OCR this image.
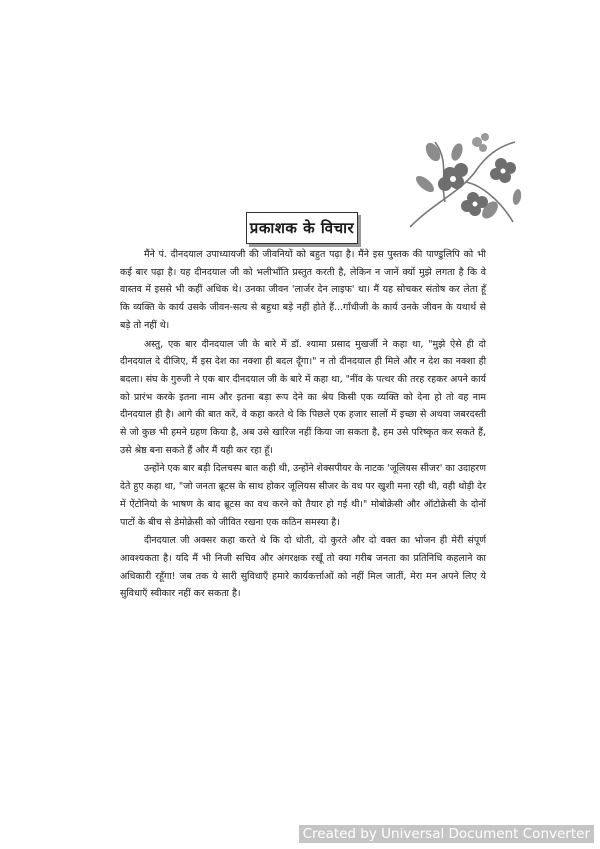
प्रकाशक के विचार

मैंने पं. दीनदयाल उपाध्यायजी की जीवनियों को बहुत पढ़ा है। मैंने इस पुस्तक की पाण्डुलिपि को भी कई बार पढ़ा है। यह दीनदयाल जी को भलीभाँति प्रस्तुत करती है, लेकिन न जानें क्यों मुझे लगता है कि वे वास्तव में इससे भी कहीं अधिक थे। उनका जीवन 'लार्जर देन लाइफ' था। मैं यह सोचकर संतोष कर लेता हूँ कि व्यक्ति के कार्य उसके जीवन-सत्य से बहुधा बड़े नहीं होते हैं...गाँधीजी के कार्य उनके जीवन के यथार्थ से बड़े तो नहीं थे।

अस्तु, एक बार दीनदयाल जी के बारे में डॉ. श्यामा प्रसाद मुखर्जी ने कहा था, "मुझे ऐसे ही दो दीनदयाल दे दीजिए, मैं इस देश का नक्शा ही बदल दूँगा।" न तो दीनदयाल ही मिले और न देश का नक्शा ही बदला। संघ के गुरुजी ने एक बार दीनदयाल जी के बारे में कहा था, "नींव के पत्थर की तरह रहकर अपने कार्य को प्रारंभ करके इतना नाम और इतना बड़ा रूप देने का श्रेय किसी एक व्यक्ति को देना हो तो वह नाम दीनदयाल ही है। आगे की बात करें, वे कहा करते थे कि पिछले एक हजार सालों में इच्छा से अथवा जबरदस्ती से जो कुछ भी हमने ग्रहण किया है, अब उसे खारिज नहीं किया जा सकता है, हम उसे परिष्कृत कर सकते हैं, उसे श्रेष्ठ बना सकते हैं और मैं यही कर रहा हूँ।

उन्होंने एक बार बड़ी दिलचस्प बात कही थी, उन्होंने शेक्सपीयर के नाटक 'जूलियस सीजर' का उदाहरण देते हुए कहा था, "जो जनता ब्रूटस के साथ होकर जूलियस सीजर के वध पर खुशी मना रही थी, वही थोड़ी देर में ऐंटोनियो के भाषण के बाद ब्रूटस का वध करने को तैयार हो गई थी।" मोबोक्रेसी और ऑटोक्रेसी के दोनों पाटों के बीच से डेमोक्रेसी को जीवित रखना एक कठिन समस्या है।

दीनदयाल जी अक्सर कहा करते थे कि दो धोती, दो कुरते और दो वक्त का भोजन ही मेरी संपूर्ण आवश्यकता है। यदि मैं भी निजी सचिव और अंगरक्षक रखूँ तो क्या गरीब जनता का प्रतिनिधि कहलाने का अधिकारी रहूँगा! जब तक ये सारी सुविधाएँ हमारे कार्यकर्त्ताओं को नहीं मिल जातीं, मेरा मन अपने लिए ये सुविधाएँ स्वीकार नहीं कर सकता है।

Created by Universal Document Converter
